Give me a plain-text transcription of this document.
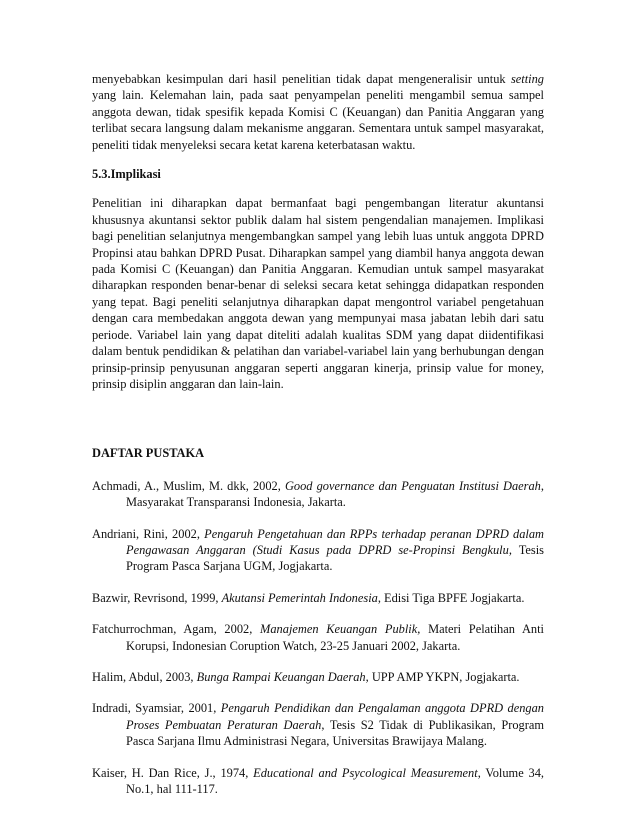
menyebabkan kesimpulan dari hasil penelitian tidak dapat mengeneralisir untuk setting yang lain. Kelemahan lain, pada saat penyampelan peneliti mengambil semua sampel anggota dewan, tidak spesifik kepada Komisi C (Keuangan) dan Panitia Anggaran yang terlibat secara langsung dalam mekanisme anggaran. Sementara untuk sampel masyarakat, peneliti tidak menyeleksi secara ketat karena keterbatasan waktu.

5.3.Implikasi

Penelitian ini diharapkan dapat bermanfaat bagi pengembangan literatur akuntansi khususnya akuntansi sektor publik dalam hal sistem pengendalian manajemen. Implikasi bagi penelitian selanjutnya mengembangkan sampel yang lebih luas untuk anggota DPRD Propinsi atau bahkan DPRD Pusat. Diharapkan sampel yang diambil hanya anggota dewan pada Komisi C (Keuangan) dan Panitia Anggaran. Kemudian untuk sampel masyarakat diharapkan responden benar-benar di seleksi secara ketat sehingga didapatkan responden yang tepat. Bagi peneliti selanjutnya diharapkan dapat mengontrol variabel pengetahuan dengan cara membedakan anggota dewan yang mempunyai masa jabatan lebih dari satu periode. Variabel lain yang dapat diteliti adalah kualitas SDM yang dapat diidentifikasi dalam bentuk pendidikan & pelatihan dan variabel-variabel lain yang berhubungan dengan prinsip-prinsip penyusunan anggaran seperti anggaran kinerja, prinsip value for money, prinsip disiplin anggaran dan lain-lain.

DAFTAR PUSTAKA

Achmadi, A., Muslim, M. dkk, 2002, Good governance dan Penguatan Institusi Daerah, Masyarakat Transparansi Indonesia, Jakarta.

Andriani, Rini, 2002, Pengaruh Pengetahuan dan RPPs terhadap peranan DPRD dalam Pengawasan Anggaran (Studi Kasus pada DPRD se-Propinsi Bengkulu, Tesis Program Pasca Sarjana UGM, Jogjakarta.

Bazwir, Revrisond, 1999, Akutansi Pemerintah Indonesia, Edisi Tiga BPFE Jogjakarta.

Fatchurrochman, Agam, 2002, Manajemen Keuangan Publik, Materi Pelatihan Anti Korupsi, Indonesian Coruption Watch, 23-25 Januari 2002, Jakarta.

Halim, Abdul, 2003, Bunga Rampai Keuangan Daerah, UPP AMP YKPN, Jogjakarta.

Indradi, Syamsiar, 2001, Pengaruh Pendidikan dan Pengalaman anggota DPRD dengan Proses Pembuatan Peraturan Daerah, Tesis S2 Tidak di Publikasikan, Program Pasca Sarjana Ilmu Administrasi Negara, Universitas Brawijaya Malang.

Kaiser, H. Dan Rice, J., 1974, Educational and Psycological Measurement, Volume 34, No.1, hal 111-117.
